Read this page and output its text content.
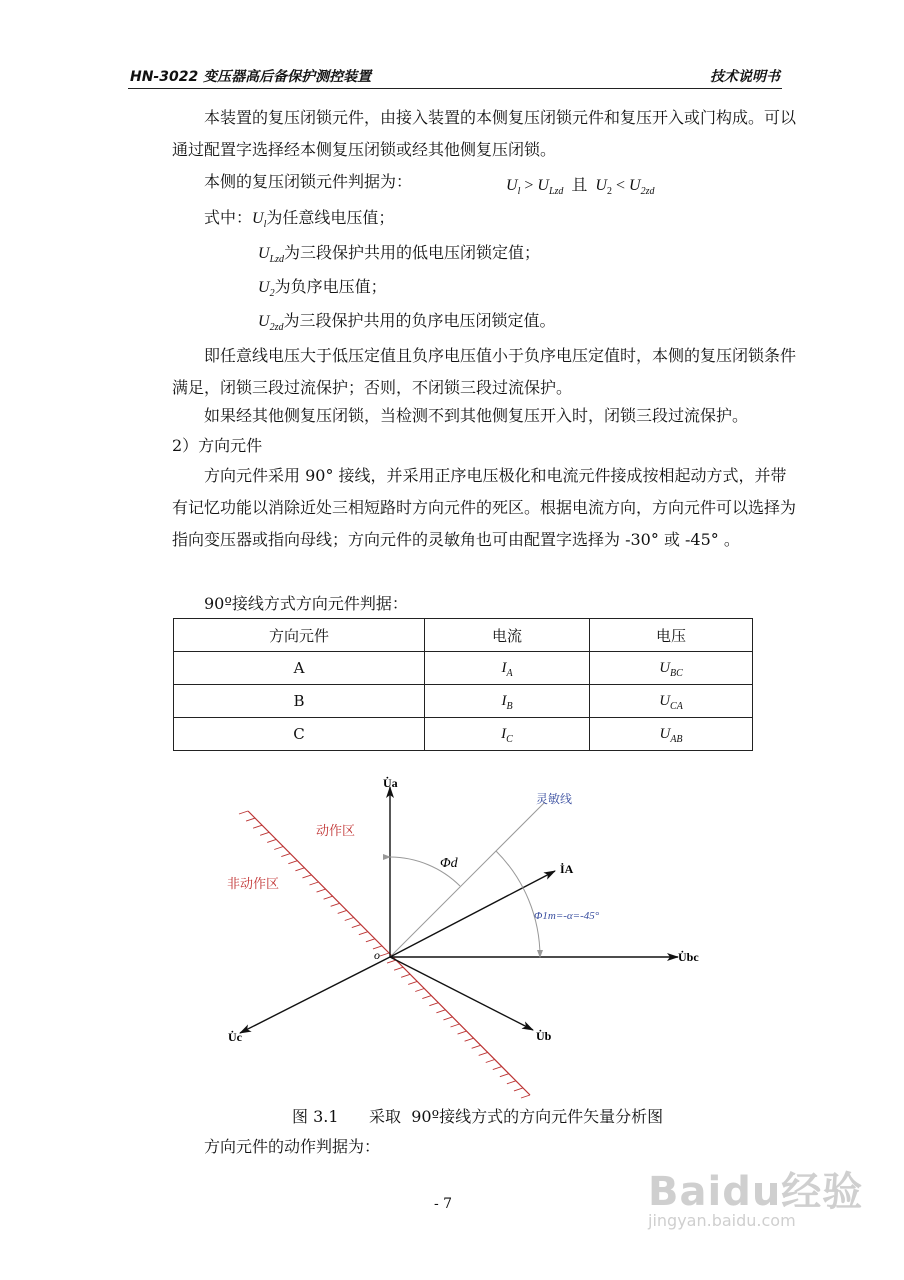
HN-3022 变压器高后备保护测控装置	技术说明书
本装置的复压闭锁元件，由接入装置的本侧复压闭锁元件和复压开入或门构成。可以通过配置字选择经本侧复压闭锁或经其他侧复压闭锁。
本侧的复压闭锁元件判据为：	$U_l > U_{Lzd}$ 且 $U_2 < U_{2zd}$
式中：$U_l$为任意线电压值；
$U_{Lzd}$为三段保护共用的低电压闭锁定值；
$U_2$为负序电压值；
$U_{2zd}$为三段保护共用的负序电压闭锁定值。
即任意线电压大于低压定值且负序电压值小于负序电压定值时，本侧的复压闭锁条件满足，闭锁三段过流保护；否则，不闭锁三段过流保护。
如果经其他侧复压闭锁，当检测不到其他侧复压开入时，闭锁三段过流保护。
2）方向元件
方向元件采用 90° 接线，并采用正序电压极化和电流元件接成按相起动方式，并带有记忆功能以消除近处三相短路时方向元件的死区。根据电流方向，方向元件可以选择为指向变压器或指向母线；方向元件的灵敏角也可由配置字选择为 -30° 或 -45° 。
90º接线方式方向元件判据：
方向元件	电流	电压
A	$I_A$	$U_{BC}$
B	$I_B$	$U_{CA}$
C	$I_C$	$U_{AB}$
U̇a
İA
U̇bc
U̇b
U̇c
o
灵敏线
动作区
非动作区
Φd
Φ1m=-α=-45°
图 3.1      采取  90º接线方式的方向元件矢量分析图
方向元件的动作判据为：
- 7	Baidu经验
jingyan.baidu.com
